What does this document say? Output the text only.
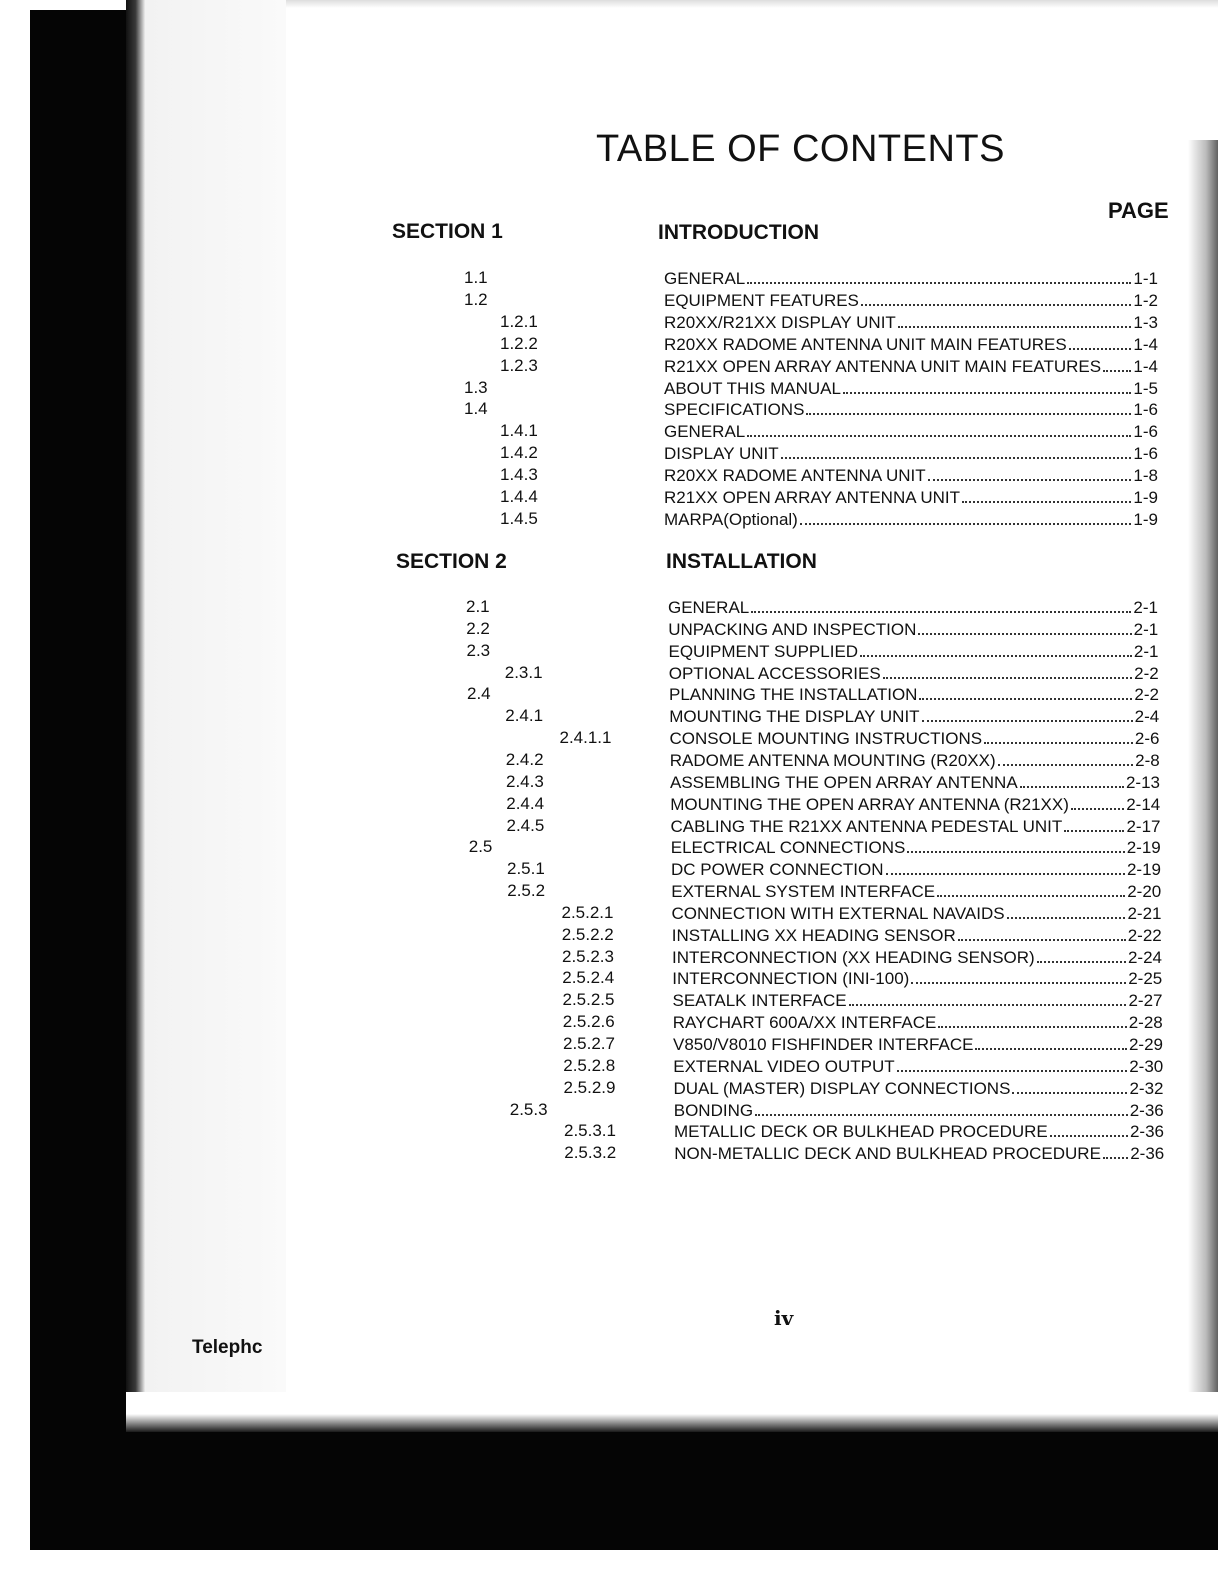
TABLE OF CONTENTS
PAGE
SECTION 1	INTRODUCTION
1.1	GENERAL	1-1
1.2	EQUIPMENT FEATURES	1-2
1.2.1	R20XX/R21XX DISPLAY UNIT	1-3
1.2.2	R20XX RADOME ANTENNA UNIT MAIN FEATURES	1-4
1.2.3	R21XX OPEN ARRAY ANTENNA UNIT MAIN FEATURES 1-4
1.3	ABOUT THIS MANUAL	1-5
1.4	SPECIFICATIONS	1-6
1.4.1	GENERAL	1-6
1.4.2	DISPLAY UNIT	1-6
1.4.3	R20XX RADOME ANTENNA UNIT	1-8
1.4.4	R21XX OPEN ARRAY ANTENNA UNIT	1-9
1.4.5	MARPA(Optional)	1-9
SECTION 2	INSTALLATION
2.1	GENERAL	2-1
2.2	UNPACKING AND INSPECTION	2-1
2.3	EQUIPMENT SUPPLIED	2-1
2.3.1	OPTIONAL ACCESSORIES	2-2
2.4	PLANNING THE INSTALLATION	2-2
2.4.1	MOUNTING THE DISPLAY UNIT	2-4
2.4.1.1	CONSOLE MOUNTING INSTRUCTIONS	2-6
2.4.2	RADOME ANTENNA MOUNTING (R20XX)	2-8
2.4.3	ASSEMBLING THE OPEN ARRAY ANTENNA	2-13
2.4.4	MOUNTING THE OPEN ARRAY ANTENNA (R21XX)	2-14
2.4.5	CABLING THE R21XX ANTENNA PEDESTAL UNIT	2-17
2.5	ELECTRICAL CONNECTIONS	2-19
2.5.1	DC POWER CONNECTION	2-19
2.5.2	EXTERNAL SYSTEM INTERFACE	2-20
2.5.2.1	CONNECTION WITH EXTERNAL NAVAIDS	2-21
2.5.2.2	INSTALLING XX HEADING SENSOR	2-22
2.5.2.3	INTERCONNECTION (XX HEADING SENSOR)	2-24
2.5.2.4	INTERCONNECTION (INI-100)	2-25
2.5.2.5	SEATALK INTERFACE	2-27
2.5.2.6	RAYCHART 600A/XX INTERFACE	2-28
2.5.2.7	V850/V8010 FISHFINDER INTERFACE	2-29
2.5.2.8	EXTERNAL VIDEO OUTPUT	2-30
2.5.2.9	DUAL (MASTER) DISPLAY CONNECTIONS	2-32
2.5.3	BONDING	2-36
2.5.3.1	METALLIC DECK OR BULKHEAD PROCEDURE	2-36
2.5.3.2	NON-METALLIC DECK AND BULKHEAD PROCEDURE 2-36
iv
Telephc
